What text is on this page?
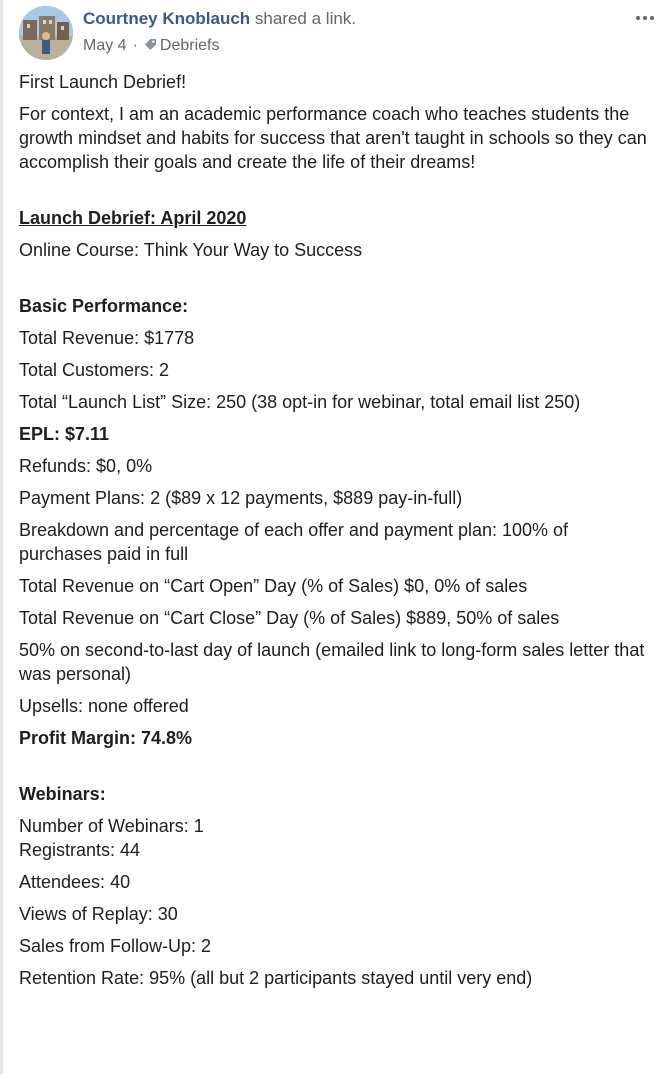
Courtney Knoblauch shared a link.
May 4 · Debriefs

First Launch Debrief!

For context, I am an academic performance coach who teaches students the growth mindset and habits for success that aren't taught in schools so they can accomplish their goals and create the life of their dreams!

Launch Debrief: April 2020

Online Course: Think Your Way to Success

Basic Performance:

Total Revenue: $1778

Total Customers: 2

Total “Launch List” Size: 250 (38 opt-in for webinar, total email list 250)

EPL: $7.11

Refunds: $0, 0%

Payment Plans: 2 ($89 x 12 payments, $889 pay-in-full)

Breakdown and percentage of each offer and payment plan: 100% of purchases paid in full

Total Revenue on “Cart Open” Day (% of Sales) $0, 0% of sales

Total Revenue on “Cart Close” Day (% of Sales) $889, 50% of sales

50% on second-to-last day of launch (emailed link to long-form sales letter that was personal)

Upsells: none offered

Profit Margin: 74.8%

Webinars:

Number of Webinars: 1

Registrants: 44

Attendees: 40

Views of Replay: 30

Sales from Follow-Up: 2

Retention Rate: 95% (all but 2 participants stayed until very end)
